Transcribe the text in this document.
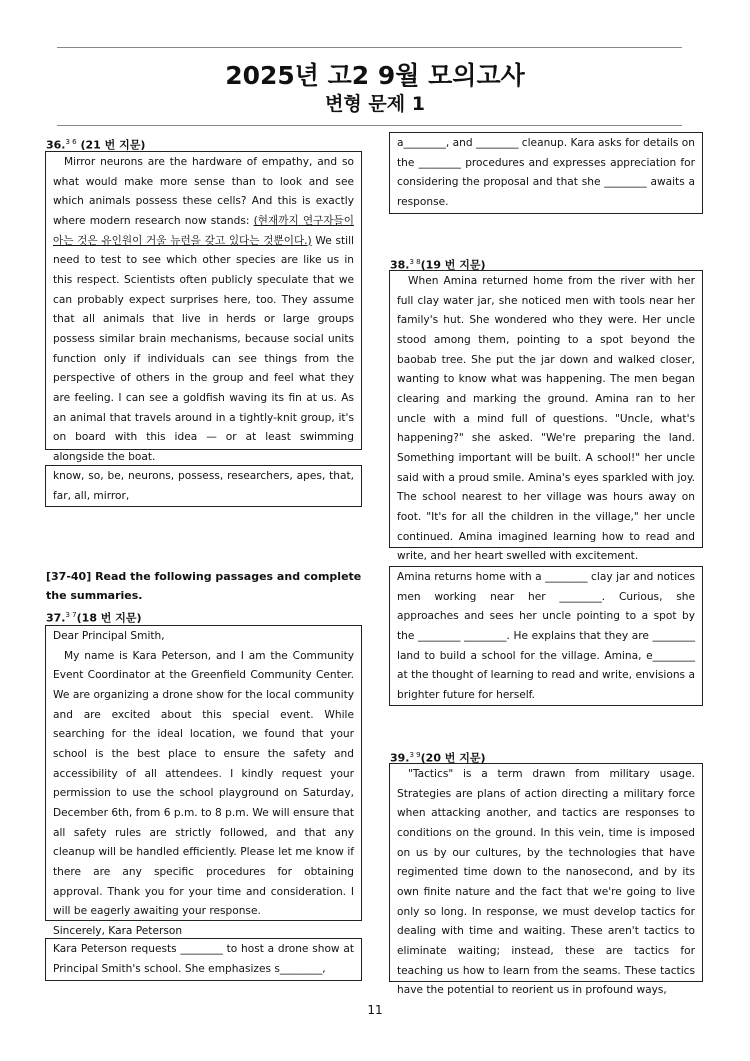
2025년 고2 9월 모의고사
변형 문제 1
36.$^{3 6}$ (21 번 지문)

Mirror neurons are the hardware of empathy, and so what would make more sense than to look and see which animals possess these cells? And this is exactly where modern research now stands: (현재까지 연구자들이 아는 것은 유인원이 거울 뉴런을 갖고 있다는 것뿐이다.) We still need to test to see which other species are like us in this respect. Scientists often publicly speculate that we can probably expect surprises here, too. They assume that all animals that live in herds or large groups possess similar brain mechanisms, because social units function only if individuals can see things from the perspective of others in the group and feel what they are feeling. I can see a goldfish waving its fin at us. As an animal that travels around in a tightly-knit group, it's on board with this idea — or at least swimming alongside the boat.

know, so, be, neurons, possess, researchers, apes, that, far, all, mirror,

[37-40] Read the following passages and complete the summaries.
37.$^{3 7}$(18 번 지문)

Dear Principal Smith,

My name is Kara Peterson, and I am the Community Event Coordinator at the Greenfield Community Center. We are organizing a drone show for the local community and are excited about this special event. While searching for the ideal location, we found that your school is the best place to ensure the safety and accessibility of all attendees. I kindly request your permission to use the school playground on Saturday, December 6th, from 6 p.m. to 8 p.m. We will ensure that all safety rules are strictly followed, and that any cleanup will be handled efficiently. Please let me know if there are any specific procedures for obtaining approval. Thank you for your time and consideration. I will be eagerly awaiting your response.

Sincerely, Kara Peterson

Kara Peterson requests ________ to host a drone show at Principal Smith's school. She emphasizes s________,

a________, and ________ cleanup. Kara asks for details on the ________ procedures and expresses appreciation for considering the proposal and that she ________ awaits a response.

38.$^{3 8}$(19 번 지문)

When Amina returned home from the river with her full clay water jar, she noticed men with tools near her family's hut. She wondered who they were. Her uncle stood among them, pointing to a spot beyond the baobab tree. She put the jar down and walked closer, wanting to know what was happening. The men began clearing and marking the ground. Amina ran to her uncle with a mind full of questions. "Uncle, what's happening?" she asked. "We're preparing the land. Something important will be built. A school!" her uncle said with a proud smile. Amina's eyes sparkled with joy. The school nearest to her village was hours away on foot. "It's for all the children in the village," her uncle continued. Amina imagined learning how to read and write, and her heart swelled with excitement.

Amina returns home with a ________ clay jar and notices men working near her ________. Curious, she approaches and sees her uncle pointing to a spot by the ________ ________. He explains that they are ________ land to build a school for the village. Amina, e________ at the thought of learning to read and write, envisions a brighter future for herself.

39.$^{3 9}$(20 번 지문)

"Tactics" is a term drawn from military usage. Strategies are plans of action directing a military force when attacking another, and tactics are responses to conditions on the ground. In this vein, time is imposed on us by our cultures, by the technologies that have regimented time down to the nanosecond, and by its own finite nature and the fact that we're going to live only so long. In response, we must develop tactics for dealing with time and waiting. These aren't tactics to eliminate waiting; instead, these are tactics for teaching us how to learn from the seams. These tactics have the potential to reorient us in profound ways,

11
